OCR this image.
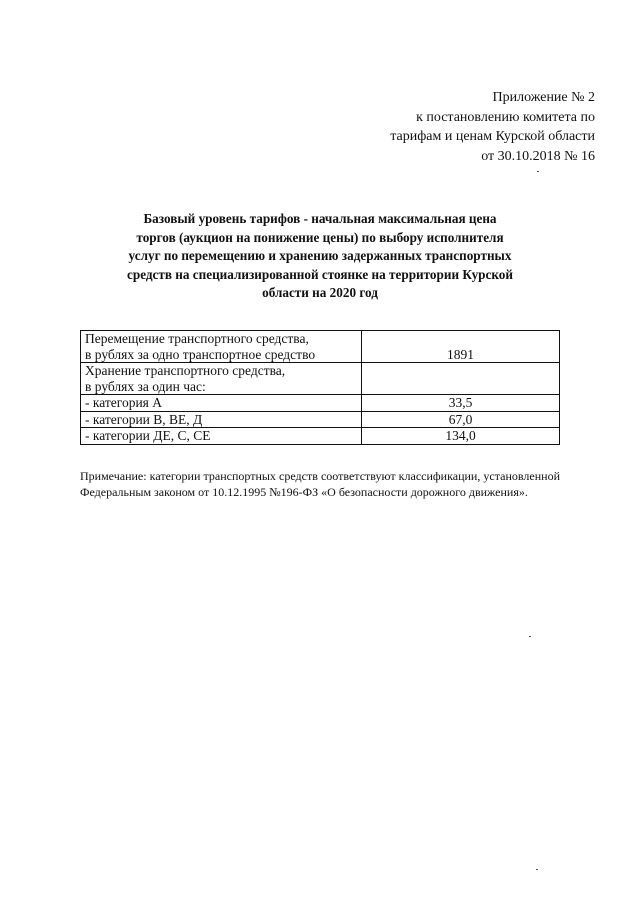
Приложение № 2
к постановлению комитета по
тарифам и ценам Курской области
от 30.10.2018 № 16
Базовый уровень тарифов - начальная максимальная цена
торгов (аукцион на понижение цены) по выбору исполнителя
услуг по перемещению и хранению задержанных транспортных
средств на специализированной стоянке на территории Курской
области на 2020 год
Перемещение транспортного средства,
в рублях за одно транспортное средство	1891

Хранение транспортного средства,
в рублях за один час:	

- категория А	33,5

- категории В, ВЕ, Д	67,0

- категории ДЕ, С, СЕ	134,0
Примечание: категории транспортных средств соответствуют классификации, установленной Федеральным законом от 10.12.1995 №196-ФЗ «О безопасности дорожного движения».
